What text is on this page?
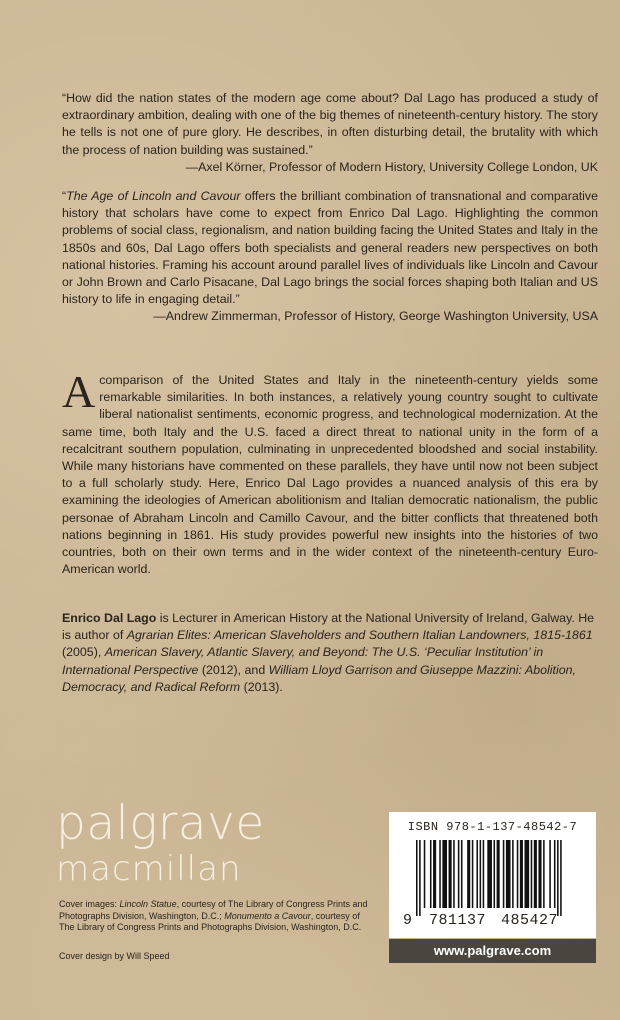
“How did the nation states of the modern age come about? Dal Lago has produced a study of extraordinary ambition, dealing with one of the big themes of nineteenth-century history. The story he tells is not one of pure glory. He describes, in often disturbing detail, the brutality with which the process of nation building was sustained.”
—Axel Körner, Professor of Modern History, University College London, UK
“The Age of Lincoln and Cavour offers the brilliant combination of transnational and comparative history that scholars have come to expect from Enrico Dal Lago. Highlighting the common problems of social class, regionalism, and nation building facing the United States and Italy in the 1850s and 60s, Dal Lago offers both specialists and general readers new perspectives on both national histories. Framing his account around parallel lives of individuals like Lincoln and Cavour or John Brown and Carlo Pisacane, Dal Lago brings the social forces shaping both Italian and US history to life in engaging detail.”
—Andrew Zimmerman, Professor of History, George Washington University, USA
A comparison of the United States and Italy in the nineteenth-century yields some remarkable similarities. In both instances, a relatively young country sought to cultivate liberal nationalist sentiments, economic progress, and technological modernization. At the same time, both Italy and the U.S. faced a direct threat to national unity in the form of a recalcitrant southern population, culminating in unprecedented bloodshed and social instability. While many historians have commented on these parallels, they have until now not been subject to a full scholarly study. Here, Enrico Dal Lago provides a nuanced analysis of this era by examining the ideologies of American abolitionism and Italian democratic nationalism, the public personae of Abraham Lincoln and Camillo Cavour, and the bitter conflicts that threatened both nations beginning in 1861. His study provides powerful new insights into the histories of two countries, both on their own terms and in the wider context of the nineteenth-century Euro-American world.
Enrico Dal Lago is Lecturer in American History at the National University of Ireland, Galway. He is author of Agrarian Elites: American Slaveholders and Southern Italian Landowners, 1815-1861 (2005), American Slavery, Atlantic Slavery, and Beyond: The U.S. ‘Peculiar Institution’ in International Perspective (2012), and William Lloyd Garrison and Giuseppe Mazzini: Abolition, Democracy, and Radical Reform (2013).
palgrave
macmillan
Cover images: Lincoln Statue, courtesy of The Library of Congress Prints and Photographs Division, Washington, D.C.; Monumento a Cavour, courtesy of The Library of Congress Prints and Photographs Division, Washington, D.C.
Cover design by Will Speed
ISBN 978-1-137-48542-7
9 781137 485427
www.palgrave.com
